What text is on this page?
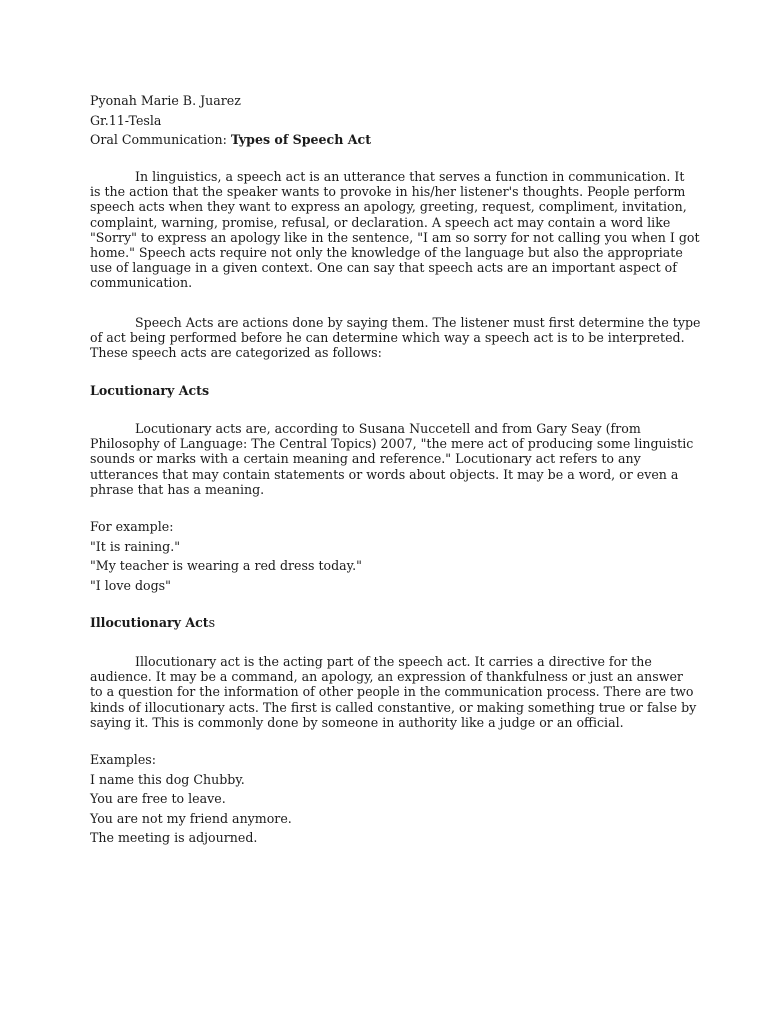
Pyonah Marie B. Juarez
Gr.11-Tesla
Oral Communication: Types of Speech Act
In linguistics, a speech act is an utterance that serves a function in communication. It
is the action that the speaker wants to provoke in his/her listener's thoughts. People perform
speech acts when they want to express an apology, greeting, request, compliment, invitation,
complaint, warning, promise, refusal, or declaration. A speech act may contain a word like
"Sorry" to express an apology like in the sentence, "I am so sorry for not calling you when I got
home." Speech acts require not only the knowledge of the language but also the appropriate
use of language in a given context. One can say that speech acts are an important aspect of
communication.
Speech Acts are actions done by saying them. The listener must first determine the type
of act being performed before he can determine which way a speech act is to be interpreted.
These speech acts are categorized as follows:
Locutionary Acts
Locutionary acts are, according to Susana Nuccetell and from Gary Seay (from
Philosophy of Language: The Central Topics) 2007, "the mere act of producing some linguistic
sounds or marks with a certain meaning and reference." Locutionary act refers to any
utterances that may contain statements or words about objects. It may be a word, or even a
phrase that has a meaning.
For example:
"It is raining."
"My teacher is wearing a red dress today."
"I love dogs"
Illocutionary Acts
Illocutionary act is the acting part of the speech act. It carries a directive for the
audience. It may be a command, an apology, an expression of thankfulness or just an answer
to a question for the information of other people in the communication process. There are two
kinds of illocutionary acts. The first is called constantive, or making something true or false by
saying it. This is commonly done by someone in authority like a judge or an official.
Examples:
I name this dog Chubby.
You are free to leave.
You are not my friend anymore.
The meeting is adjourned.
